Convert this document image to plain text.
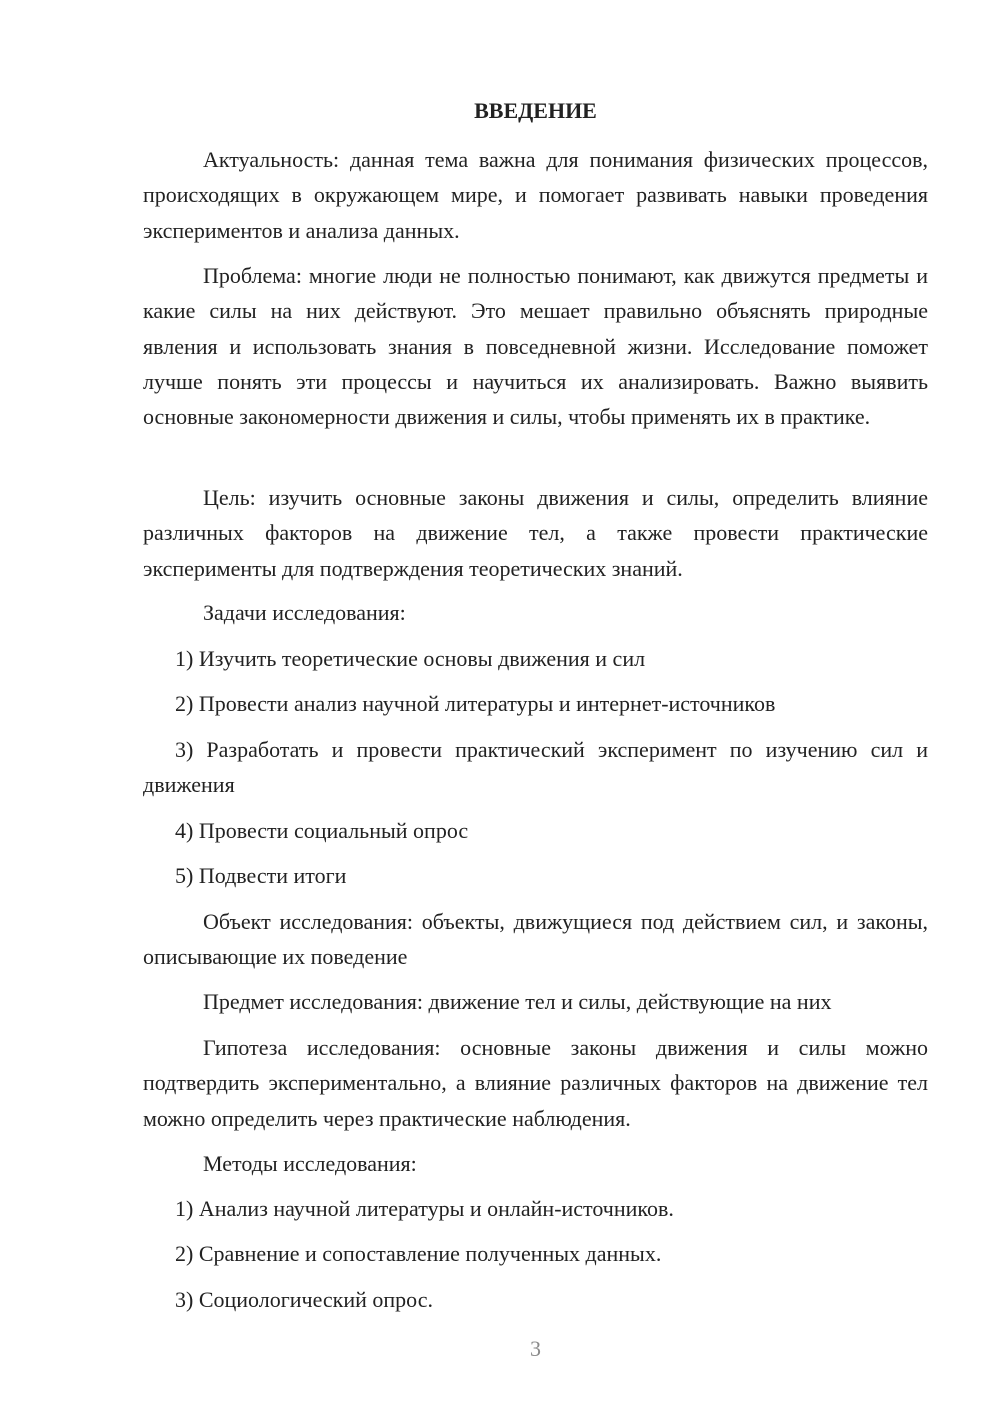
ВВЕДЕНИЕ

Актуальность: данная тема важна для понимания физических процессов, происходящих в окружающем мире, и помогает развивать навыки проведения экспериментов и анализа данных.

Проблема: многие люди не полностью понимают, как движутся предметы и какие силы на них действуют. Это мешает правильно объяснять природные явления и использовать знания в повседневной жизни. Исследование поможет лучше понять эти процессы и научиться их анализировать. Важно выявить основные закономерности движения и силы, чтобы применять их в практике.

Цель: изучить основные законы движения и силы, определить влияние различных факторов на движение тел, а также провести практические эксперименты для подтверждения теоретических знаний.

Задачи исследования:

1) Изучить теоретические основы движения и сил

2) Провести анализ научной литературы и интернет-источников

3) Разработать и провести практический эксперимент по изучению сил и движения

4) Провести социальный опрос

5) Подвести итоги

Объект исследования: объекты, движущиеся под действием сил, и законы, описывающие их поведение

Предмет исследования: движение тел и силы, действующие на них

Гипотеза исследования: основные законы движения и силы можно подтвердить экспериментально, а влияние различных факторов на движение тел можно определить через практические наблюдения.

Методы исследования:

1) Анализ научной литературы и онлайн-источников.

2) Сравнение и сопоставление полученных данных.

3) Социологический опрос.

3
